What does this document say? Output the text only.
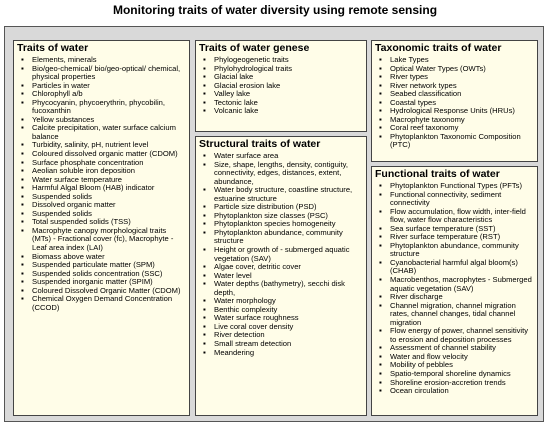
Monitoring traits of water diversity using remote sensing
Traits of water
▪ Elements, minerals
▪ Bio/geo-chemical/ bio/geo-optical/ chemical, physical properties
▪ Particles in water
▪ Chlorophyll a/b
▪ Phycocyanin, phycoerythrin, phycobilin, fucoxanthin
▪ Yellow substances
▪ Calcite precipitation, water surface calcium balance
▪ Turbidity, salinity, pH, nutrient level
▪ Coloured dissolved organic matter (CDOM)
▪ Surface phosphate concentration
▪ Aeolian soluble iron deposition
▪ Water surface temperature
▪ Harmful Algal Bloom (HAB) indicator
▪ Suspended solids
▪ Dissolved organic matter
▪ Suspended solids
▪ Total suspended solids (TSS)
▪ Macrophyte canopy morphological traits (MTs) - Fractional cover (fc), Macrophyte - Leaf area index (LAI)
▪ Biomass above water
▪ Suspended particulate matter (SPM)
▪ Suspended solids concentration (SSC)
▪ Suspended inorganic matter (SPIM)
▪ Coloured Dissolved Organic Matter (CDOM)
▪ Chemical Oxygen Demand Concentration (CCOD)
Traits of water genese
▪ Phylogeogenetic traits
▪ Phylohydrological traits
▪ Glacial lake
▪ Glacial erosion lake
▪ Valley lake
▪ Tectonic lake
▪ Volcanic lake
Structural traits of water
▪ Water surface area
▪ Size, shape, lengths, density, contiguity, connectivity, edges, distances, extent, abundance,
▪ Water body structure, coastline structure, estuarine structure
▪ Particle size distribution (PSD)
▪ Phytoplankton size classes (PSC)
▪ Phytoplankton species homogeneity
▪ Phytoplankton abundance, community structure
▪ Height or growth of - submerged aquatic vegetation (SAV)
▪ Algae cover, detritic cover
▪ Water level
▪ Water depths (bathymetry), secchi disk depth,
▪ Water morphology
▪ Benthic complexity
▪ Water surface roughness
▪ Live coral cover density
▪ River detection
▪ Small stream detection
▪ Meandering
Taxonomic traits of water
▪ Lake Types
▪ Optical Water Types (OWTs)
▪ River types
▪ River network types
▪ Seabed classification
▪ Coastal types
▪ Hydrological Response Units (HRUs)
▪ Macrophyte taxonomy
▪ Coral reef taxonomy
▪ Phytoplankton Taxonomic Composition (PTC)
Functional traits of water
▪ Phytoplankton Functional Types (PFTs)
▪ Functional connectivity, sediment connectivity
▪ Flow accumulation, flow width, inter-field flow, water flow characteristics
▪ Sea surface temperature (SST)
▪ River surface temperature (RST)
▪ Phytoplankton abundance, community structure
▪ Cyanobacterial harmful algal bloom(s) (CHAB)
▪ Macrobenthos, macrophytes - Submerged aquatic vegetation (SAV)
▪ River discharge
▪ Channel migration, channel migration rates, channel changes, tidal channel migration
▪ Flow energy of power, channel sensitivity to erosion and deposition processes
▪ Assessment of channel stability
▪ Water and flow velocity
▪ Mobility of pebbles
▪ Spatio-temporal shoreline dynamics
▪ Shoreline erosion-accretion trends
▪ Ocean circulation
